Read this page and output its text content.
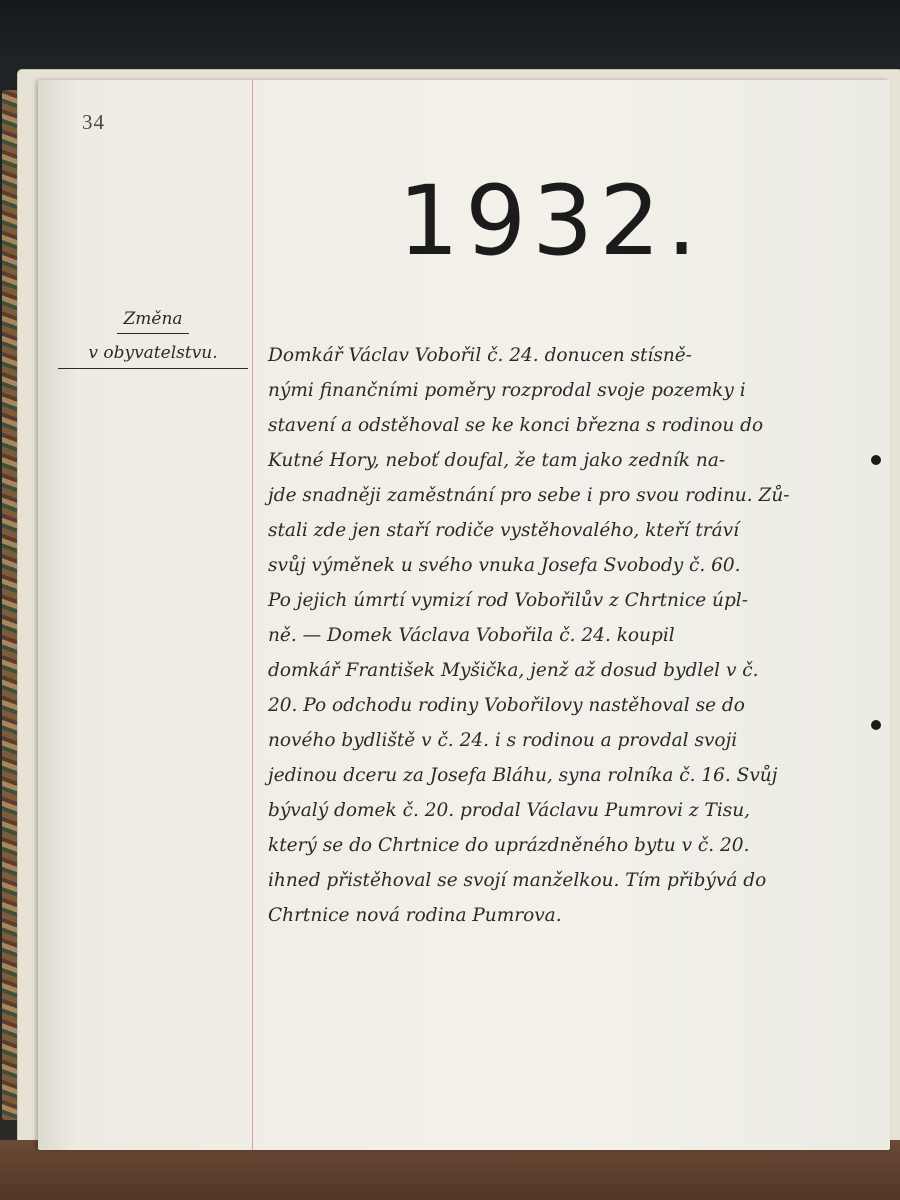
34
1932.
Změna
v obyvatelstvu.	Domkář Václav Vobořil č. 24. donucen stísně-
nými finančními poměry rozprodal svoje pozemky i
stavení a odstěhoval se ke konci března s rodinou do
Kutné Hory, neboť doufal, že tam jako zedník na-
jde snadněji zaměstnání pro sebe i pro svou rodinu. Zů-
stali zde jen staří rodiče vystěhovalého, kteří tráví
svůj výměnek u svého vnuka Josefa Svobody č. 60.
Po jejich úmrtí vymizí rod Vobořilův z Chrtnice úpl-
ně. — Domek Václava Vobořila č. 24. koupil
domkář František Myšička, jenž až dosud bydlel v č.
20. Po odchodu rodiny Vobořilovy nastěhoval se do
nového bydliště v č. 24. i s rodinou a provdal svoji
jedinou dceru za Josefa Bláhu, syna rolníka č. 16. Svůj
bývalý domek č. 20. prodal Václavu Pumrovi z Tisu,
který se do Chrtnice do uprázdněného bytu v č. 20.
ihned přistěhoval se svojí manželkou. Tím přibývá do
Chrtnice nová rodina Pumrova.
